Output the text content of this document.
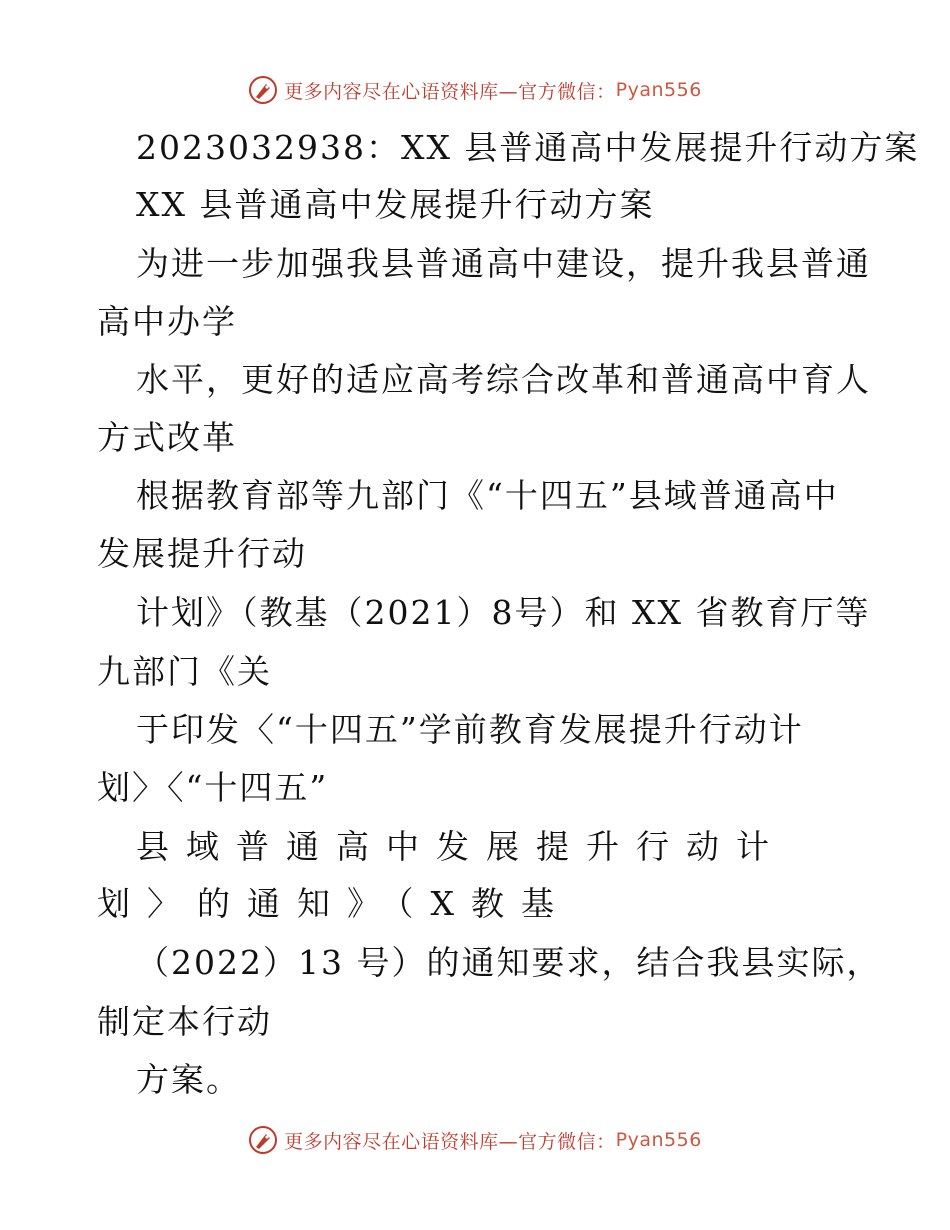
更多内容尽在心语资料库—官方微信： Pyan556
2023032938：XX 县普通高中发展提升行动方案
XX 县普通高中发展提升行动方案
为进一步加强我县普通高中建设，提升我县普通
高中办学
水平，更好的适应高考综合改革和普通高中育人
方式改革
根据教育部等九部门《“十四五”县域普通高中
发展提升行动
计划》（教基（2021）8号）和 XX 省教育厅等
九部门《关
于印发〈“十四五”学前教育发展提升行动计
划〉〈“十四五”
县域普通高中发展提升行动计
划〉的通知》（X教基
（2022）13 号）的通知要求，结合我县实际，
制定本行动
方案。
更多内容尽在心语资料库—官方微信： Pyan556
